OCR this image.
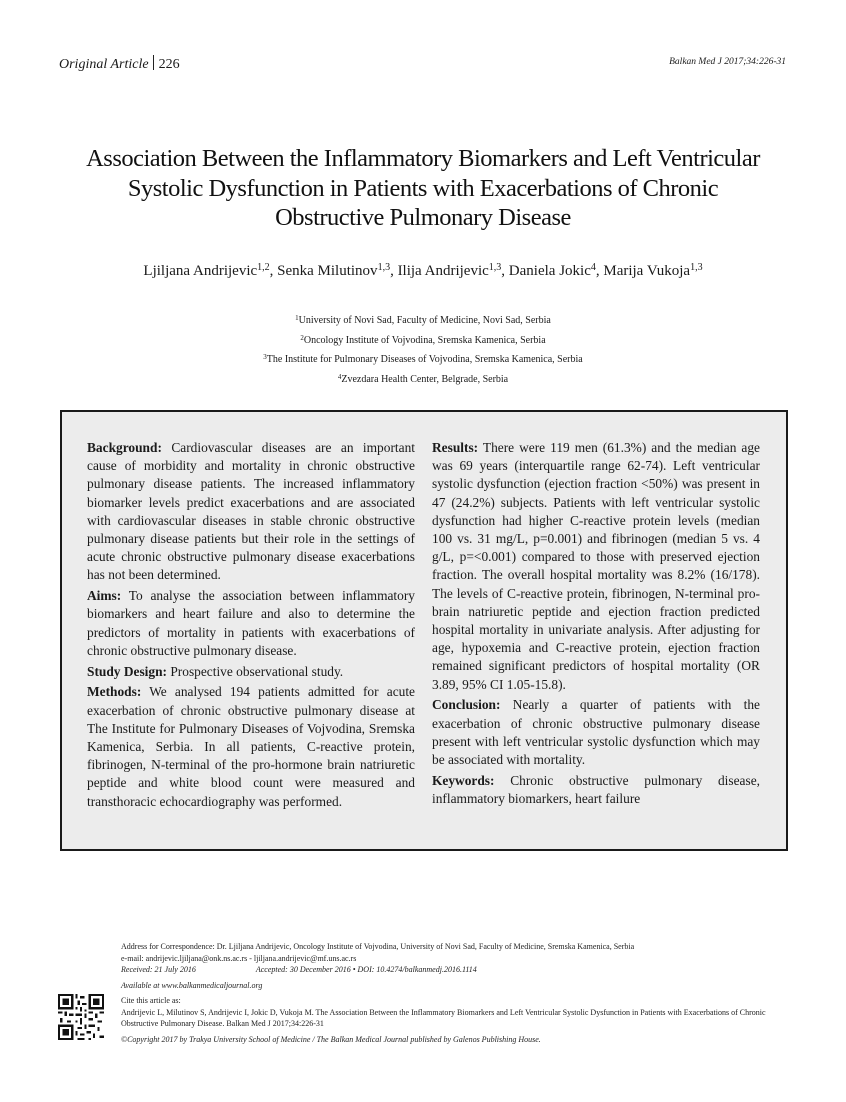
Original Article 226	Balkan Med J 2017;34:226-31
Association Between the Inflammatory Biomarkers and Left Ventricular
Systolic Dysfunction in Patients with Exacerbations of Chronic
Obstructive Pulmonary Disease
Ljiljana Andrijevic$^{1,2}$, Senka Milutinov$^{1,3}$, Ilija Andrijevic$^{1,3}$, Daniela Jokic$^4$, Marija Vukoja$^{1,3}$
$^1$University of Novi Sad, Faculty of Medicine, Novi Sad, Serbia
$^2$Oncology Institute of Vojvodina, Sremska Kamenica, Serbia
$^3$The Institute for Pulmonary Diseases of Vojvodina, Sremska Kamenica, Serbia
$^4$Zvezdara Health Center, Belgrade, Serbia

Background: Cardiovascular diseases are an important cause of morbidity and mortality in chronic obstructive pulmonary disease patients. The increased inflammatory biomarker levels predict exacerbations and are associated with cardiovascular diseases in stable chronic obstructive pulmonary disease patients but their role in the settings of acute chronic obstructive pulmonary disease exacerbations has not been determined.

Aims: To analyse the association between inflammatory biomarkers and heart failure and also to determine the predictors of mortality in patients with exacerbations of chronic obstructive pulmonary disease.

Study Design: Prospective observational study.

Methods: We analysed 194 patients admitted for acute exacerbation of chronic obstructive pulmonary disease at The Institute for Pulmonary Diseases of Vojvodina, Sremska Kamenica, Serbia. In all patients, C-reactive protein, fibrinogen, N-terminal of the pro-hormone brain natriuretic peptide and white blood count were measured and transthoracic echocardiography was performed.

Results: There were 119 men (61.3%) and the median age was 69 years (interquartile range 62-74). Left ventricular systolic dysfunction (ejection fraction <50%) was present in 47 (24.2%) subjects. Patients with left ventricular systolic dysfunction had higher C-reactive protein levels (median 100 vs. 31 mg/L, p=0.001) and fibrinogen (median 5 vs. 4 g/L, p=<0.001) compared to those with preserved ejection fraction. The overall hospital mortality was 8.2% (16/178). The levels of C-reactive protein, fibrinogen, N-terminal pro-brain natriuretic peptide and ejection fraction predicted hospital mortality in univariate analysis. After adjusting for age, hypoxemia and C-reactive protein, ejection fraction remained significant predictors of hospital mortality (OR 3.89, 95% CI 1.05-15.8).

Conclusion: Nearly a quarter of patients with the exacerbation of chronic obstructive pulmonary disease present with left ventricular systolic dysfunction which may be associated with mortality.

Keywords: Chronic obstructive pulmonary disease, inflammatory biomarkers, heart failure

Address for Correspondence: Dr. Ljiljana Andrijevic, Oncology Institute of Vojvodina, University of Novi Sad, Faculty of Medicine, Sremska Kamenica, Serbia
e-mail: andrijevic.ljiljana@onk.ns.ac.rs - ljiljana.andrijevic@mf.uns.ac.rs
Received: 21 July 2016	Accepted: 30 December 2016 • DOI: 10.4274/balkanmedj.2016.1114
Available at www.balkanmedicaljournal.org
Cite this article as:
Andrijevic L, Milutinov S, Andrijevic I, Jokic D, Vukoja M. The Association Between the Inflammatory Biomarkers and Left Ventricular Systolic Dysfunction in Patients with Exacerbations of Chronic Obstructive Pulmonary Disease. Balkan Med J 2017;34:226-31
©Copyright 2017 by Trakya University School of Medicine / The Balkan Medical Journal published by Galenos Publishing House.
